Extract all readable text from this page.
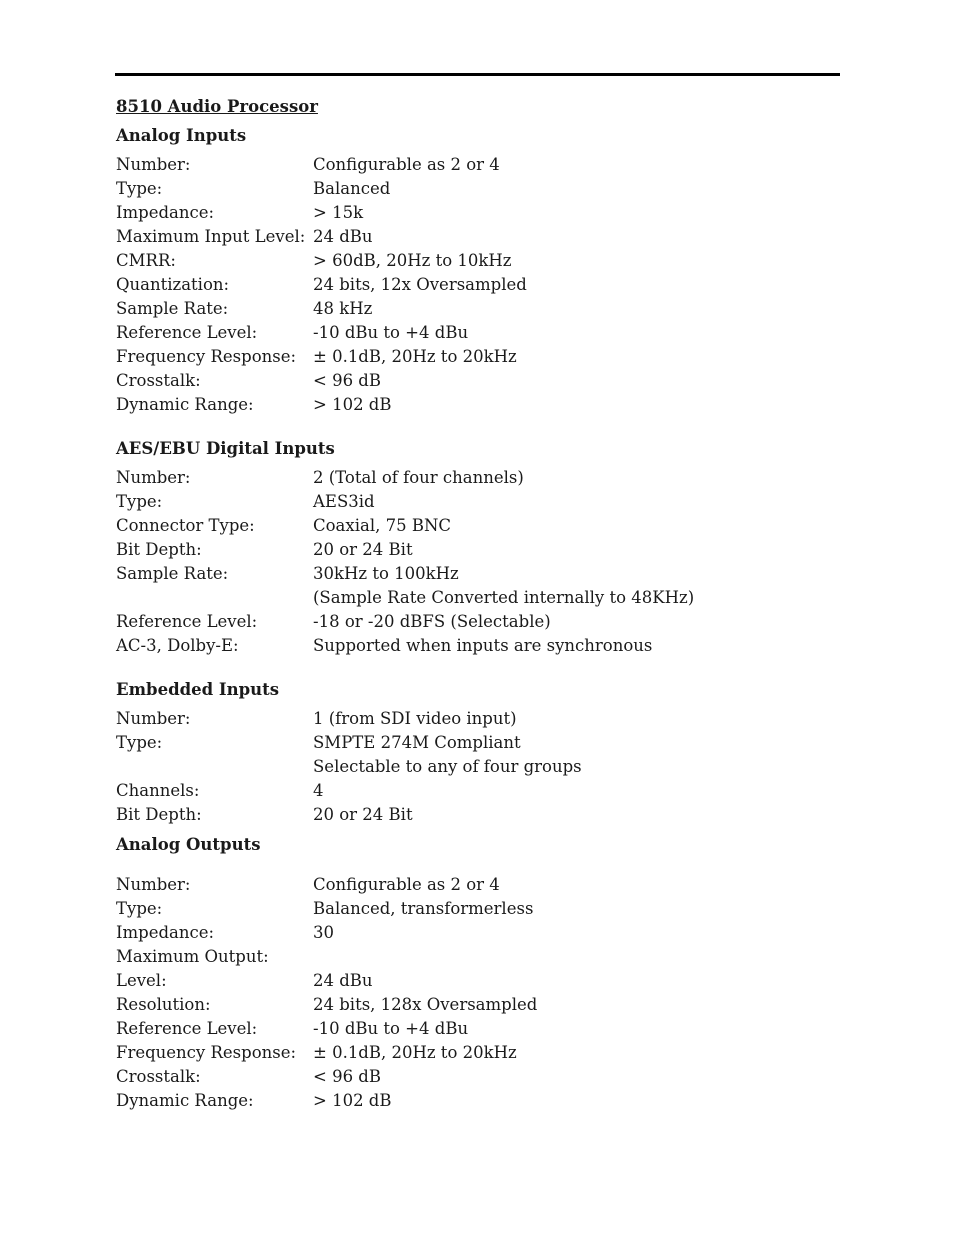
8510 Audio Processor
Analog Inputs
Number:	Configurable as 2 or 4
Type:	Balanced
Impedance:	> 15k
Maximum Input Level: 24 dBu
CMRR:	> 60dB, 20Hz to 10kHz
Quantization:	24 bits, 12x Oversampled
Sample Rate:	48 kHz
Reference Level:	-10 dBu to +4 dBu
Frequency Response:	± 0.1dB, 20Hz to 20kHz
Crosstalk:	< 96 dB
Dynamic Range:	> 102 dB
AES/EBU Digital Inputs
Number:	2 (Total of four channels)
Type:	AES3id
Connector Type:	Coaxial, 75 BNC
Bit Depth:	20 or 24 Bit
Sample Rate:	30kHz to 100kHz
(Sample Rate Converted internally to 48KHz)
Reference Level:	-18 or -20 dBFS (Selectable)
AC-3, Dolby-E:	Supported when inputs are synchronous
Embedded Inputs
Number:	1 (from SDI video input)
Type:	SMPTE 274M Compliant
Selectable to any of four groups
Channels:	4
Bit Depth:	20 or 24 Bit
Analog Outputs
Number:	Configurable as 2 or 4
Type:	Balanced, transformerless
Impedance:	30
Maximum Output:
Level:	24 dBu
Resolution:	24 bits, 128x Oversampled
Reference Level:	-10 dBu to +4 dBu
Frequency Response:	± 0.1dB, 20Hz to 20kHz
Crosstalk:	< 96 dB
Dynamic Range:	> 102 dB
